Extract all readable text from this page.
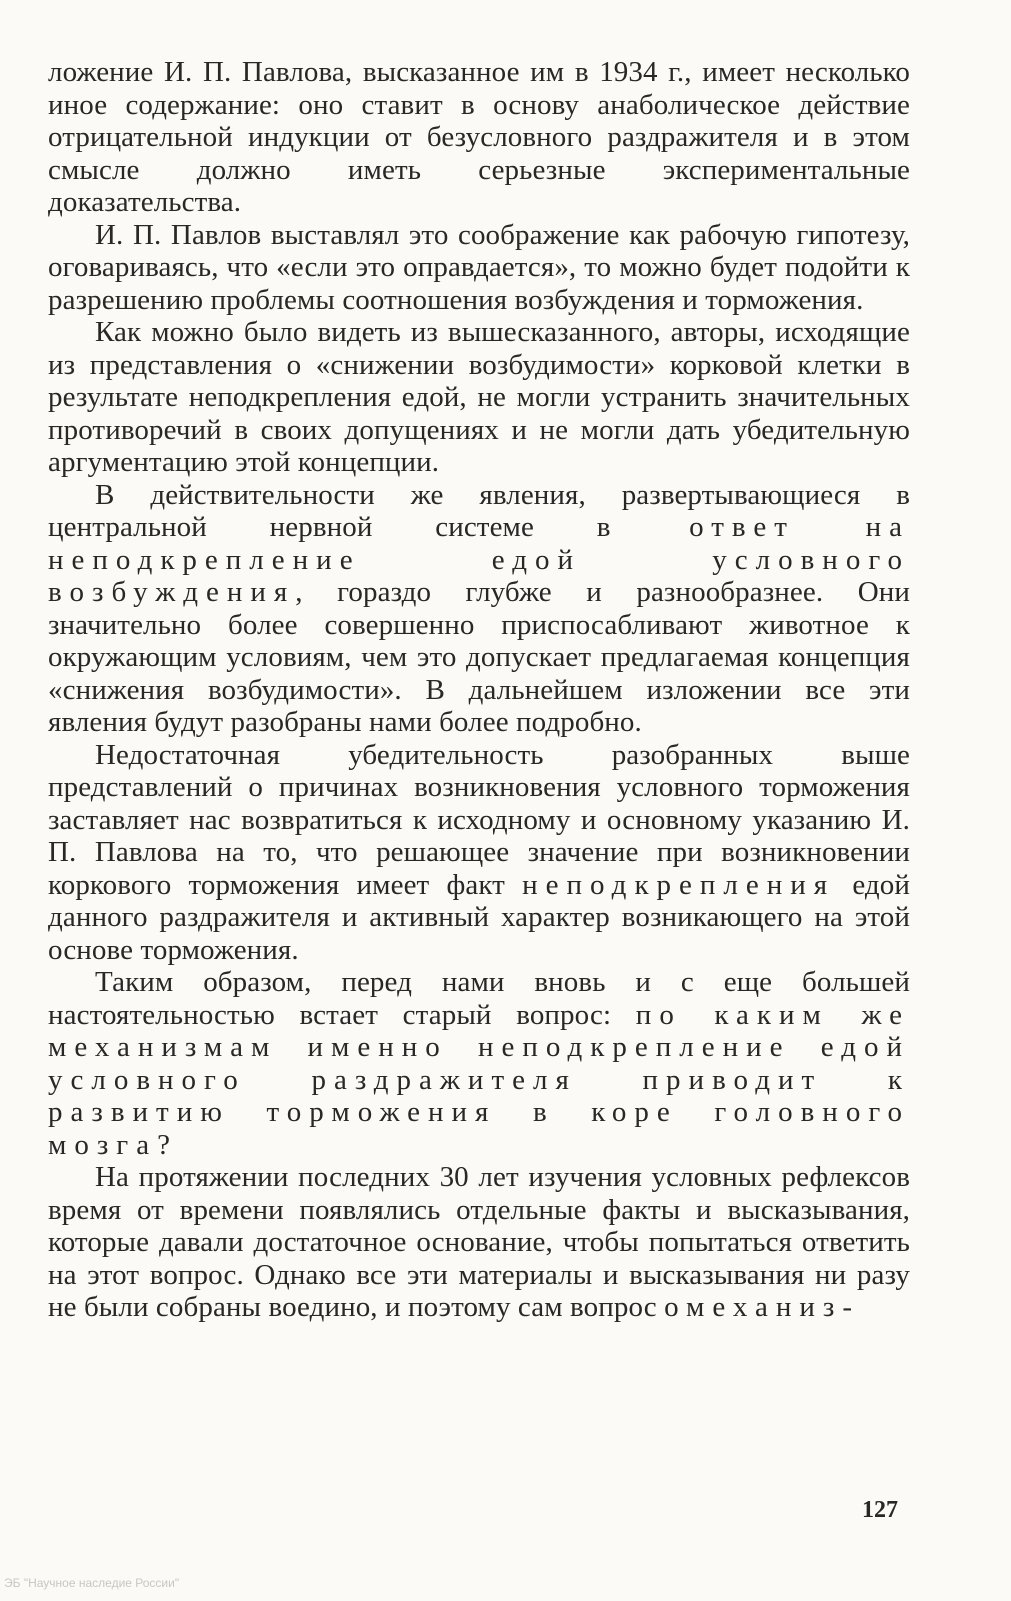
ложение И. П. Павлова, высказанное им в 1934 г., имеет несколько иное содержание: оно ставит в основу анаболическое действие отрицательной индукции от безусловного раздражителя и в этом смысле должно иметь серьезные экспериментальные доказательства.

И. П. Павлов выставлял это соображение как рабочую гипотезу, оговариваясь, что «если это оправдается», то можно будет подойти к разрешению проблемы соотношения возбуждения и торможения.

Как можно было видеть из вышесказанного, авторы, исходящие из представления о «снижении возбудимости» корковой клетки в результате неподкрепления едой, не могли устранить значительных противоречий в своих допущениях и не могли дать убедительную аргументацию этой концепции.

В действительности же явления, развертывающиеся в центральной нервной системе в ответ на неподкрепление едой условного возбуждения, гораздо глубже и разнообразнее. Они значительно более совершенно приспосабливают животное к окружающим условиям, чем это допускает предлагаемая концепция «снижения возбудимости». В дальнейшем изложении все эти явления будут разобраны нами более подробно.

Недостаточная убедительность разобранных выше представлений о причинах возникновения условного торможения заставляет нас возвратиться к исходному и основному указанию И. П. Павлова на то, что решающее значение при возникновении коркового торможения имеет факт неподкрепления едой данного раздражителя и активный характер возникающего на этой основе торможения.

Таким образом, перед нами вновь и с еще большей настоятельностью встает старый вопрос: по каким же механизмам именно неподкрепление едой условного раздражителя приводит к развитию торможения в коре головного мозга?

На протяжении последних 30 лет изучения условных рефлексов время от времени появлялись отдельные факты и высказывания, которые давали достаточное основание, чтобы попытаться ответить на этот вопрос. Однако все эти материалы и высказывания ни разу не были собраны воедино, и поэтому сам вопрос о механиз-

127
ЭБ "Научное наследие России"
